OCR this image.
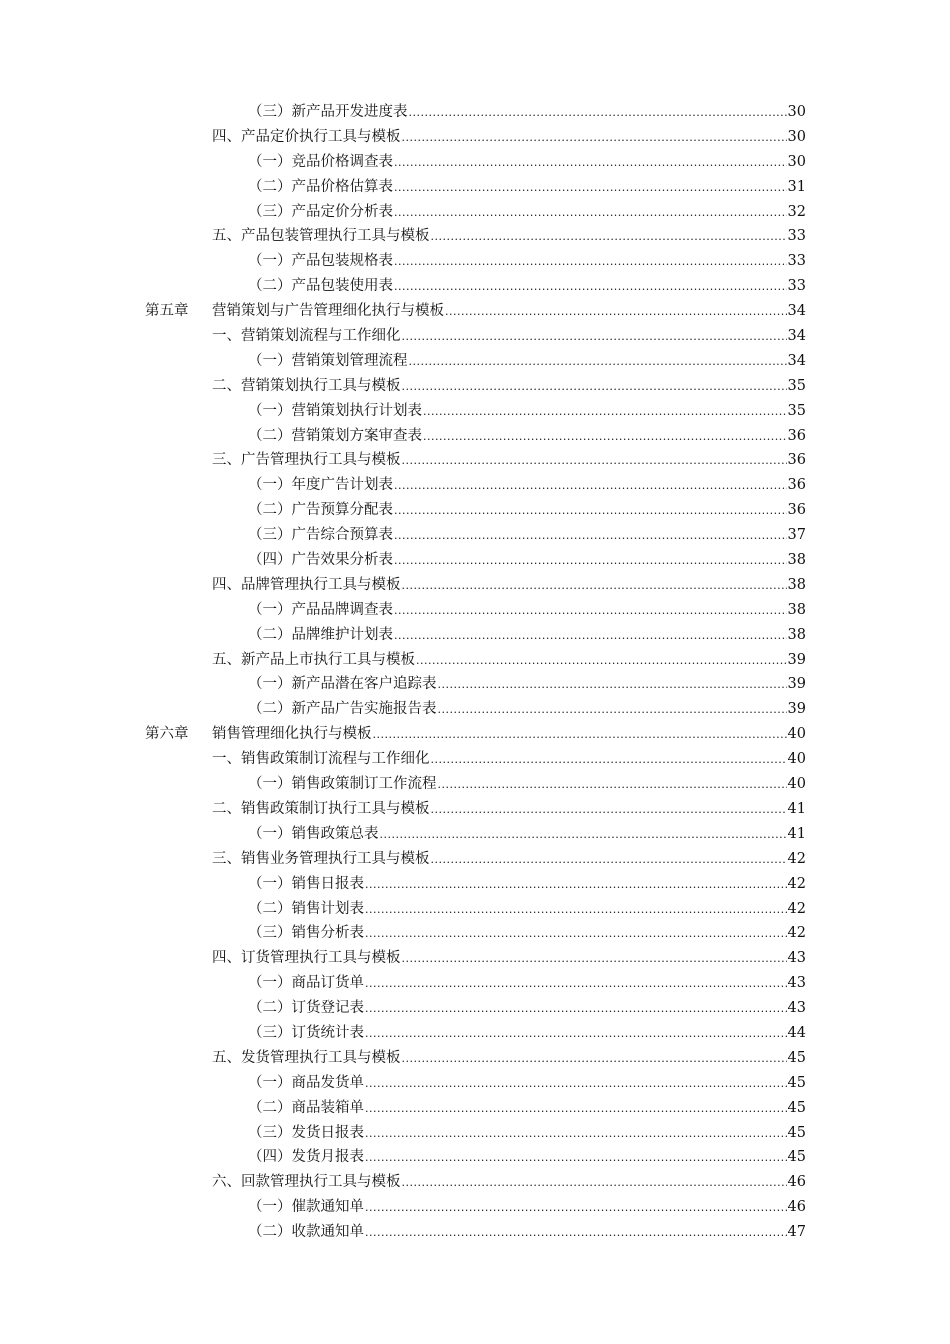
（三）新产品开发进度表 .....	30
四、产品定价执行工具与模板 .....	30
（一）竞品价格调查表 .....	30
（二）产品价格估算表 .....	31
（三）产品定价分析表 .....	32
五、产品包装管理执行工具与模板 .....	33
（一）产品包装规格表 .....	33
（二）产品包装使用表 .....	33
第五章 营销策划与广告管理细化执行与模板 .....	34
一、营销策划流程与工作细化 .....	34
（一）营销策划管理流程 .....	34
二、营销策划执行工具与模板 .....	35
（一）营销策划执行计划表 .....	35
（二）营销策划方案审查表 .....	36
三、广告管理执行工具与模板 .....	36
（一）年度广告计划表 .....	36
（二）广告预算分配表 .....	36
（三）广告综合预算表 .....	37
（四）广告效果分析表 .....	38
四、品牌管理执行工具与模板 .....	38
（一）产品品牌调查表 .....	38
（二）品牌维护计划表 .....	38
五、新产品上市执行工具与模板 .....	39
（一）新产品潜在客户追踪表 .....	39
（二）新产品广告实施报告表 .....	39
第六章 销售管理细化执行与模板 .....	40
一、销售政策制订流程与工作细化 .....	40
（一）销售政策制订工作流程 .....	40
二、销售政策制订执行工具与模板 .....	41
（一）销售政策总表 .....	41
三、销售业务管理执行工具与模板 .....	42
（一）销售日报表 .....	42
（二）销售计划表 .....	42
（三）销售分析表 .....	42
四、订货管理执行工具与模板 .....	43
（一）商品订货单 .....	43
（二）订货登记表 .....	43
（三）订货统计表 .....	44
五、发货管理执行工具与模板 .....	45
（一）商品发货单 .....	45
（二）商品装箱单 .....	45
（三）发货日报表 .....	45
（四）发货月报表 .....	45
六、回款管理执行工具与模板 .....	46
（一）催款通知单 .....	46
（二）收款通知单 .....	47
